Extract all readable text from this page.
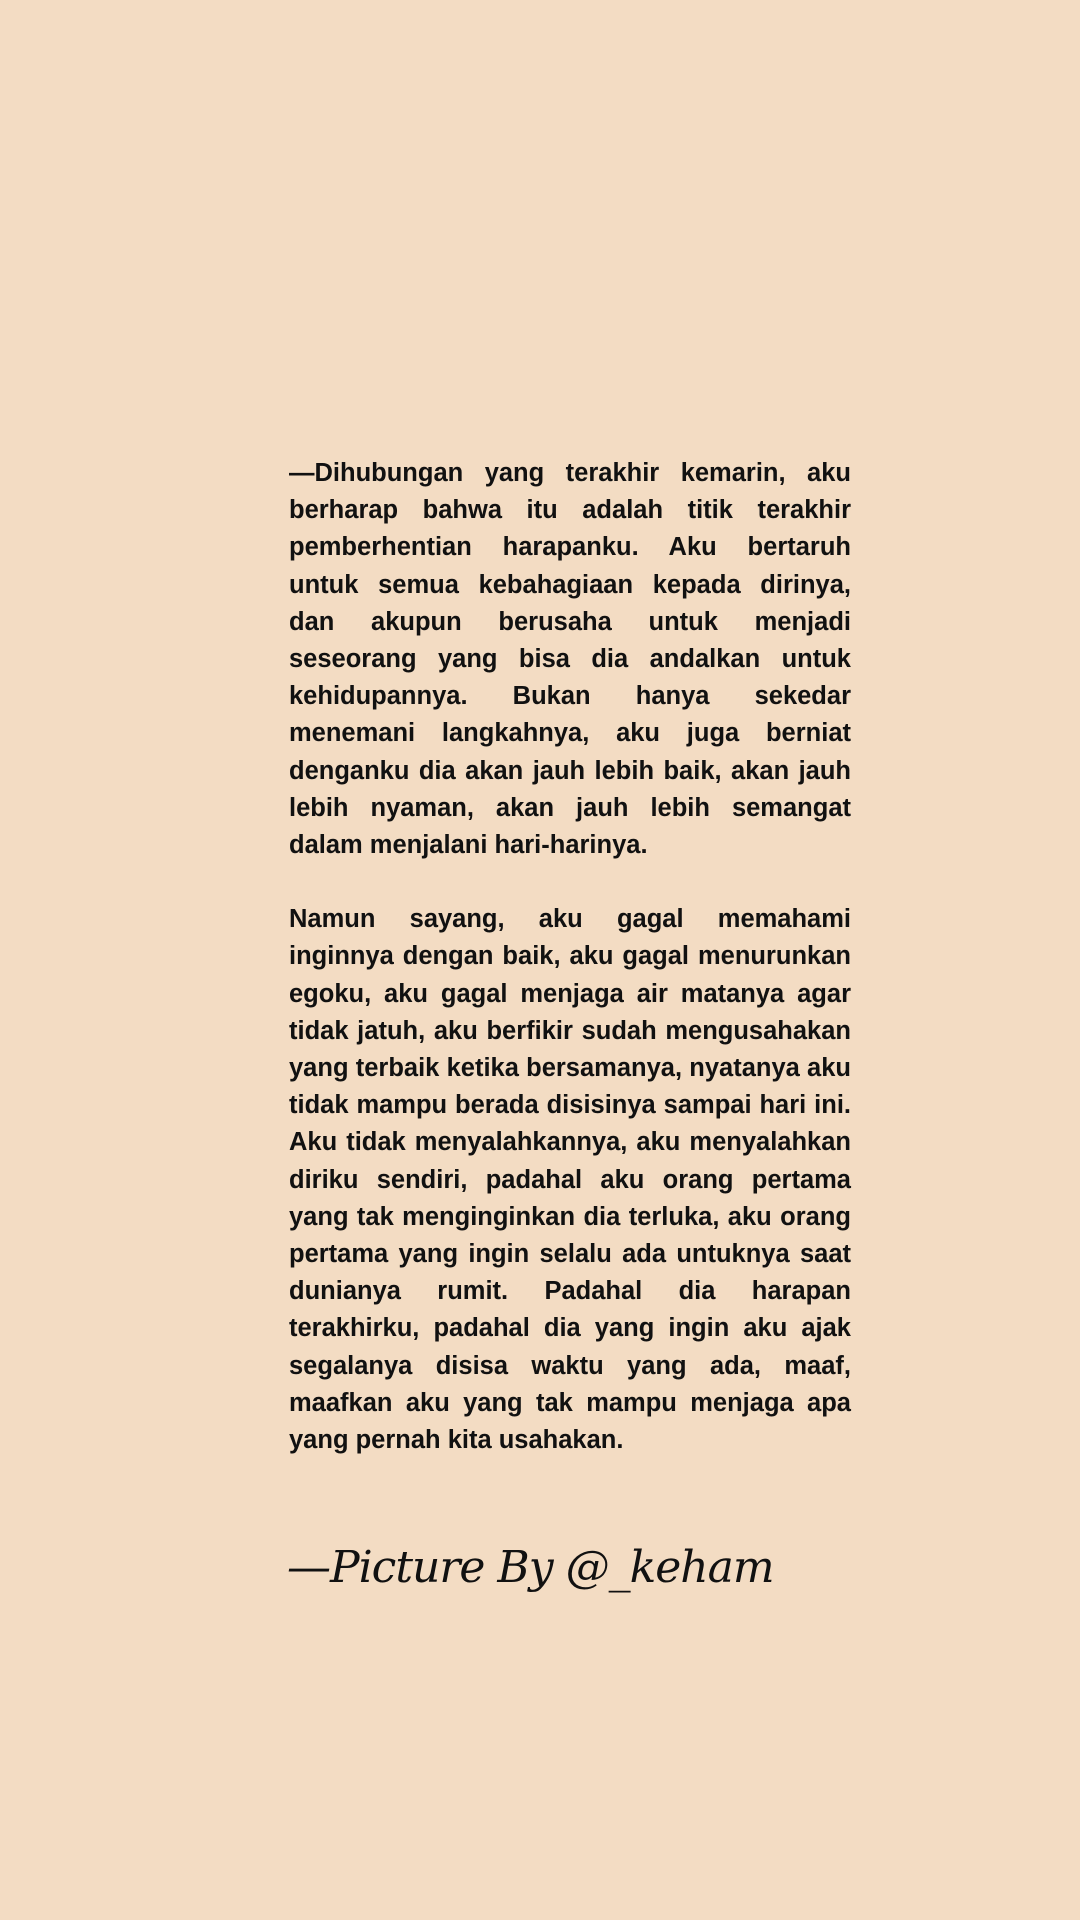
—Dihubungan yang terakhir kemarin, aku berharap bahwa itu adalah titik terakhir pemberhentian harapanku. Aku bertaruh untuk semua kebahagiaan kepada dirinya, dan akupun berusaha untuk menjadi seseorang yang bisa dia andalkan untuk kehidupannya. Bukan hanya sekedar menemani langkahnya, aku juga berniat denganku dia akan jauh lebih baik, akan jauh lebih nyaman, akan jauh lebih semangat dalam menjalani hari-harinya.

Namun sayang, aku gagal memahami inginnya dengan baik, aku gagal menurunkan egoku, aku gagal menjaga air matanya agar tidak jatuh, aku berfikir sudah mengusahakan yang terbaik ketika bersamanya, nyatanya aku tidak mampu berada disisinya sampai hari ini. Aku tidak menyalahkannya, aku menyalahkan diriku sendiri, padahal aku orang pertama yang tak menginginkan dia terluka, aku orang pertama yang ingin selalu ada untuknya saat dunianya rumit. Padahal dia harapan terakhirku, padahal dia yang ingin aku ajak segalanya disisa waktu yang ada, maaf, maafkan aku yang tak mampu menjaga apa yang pernah kita usahakan.

—Picture By @_keham
